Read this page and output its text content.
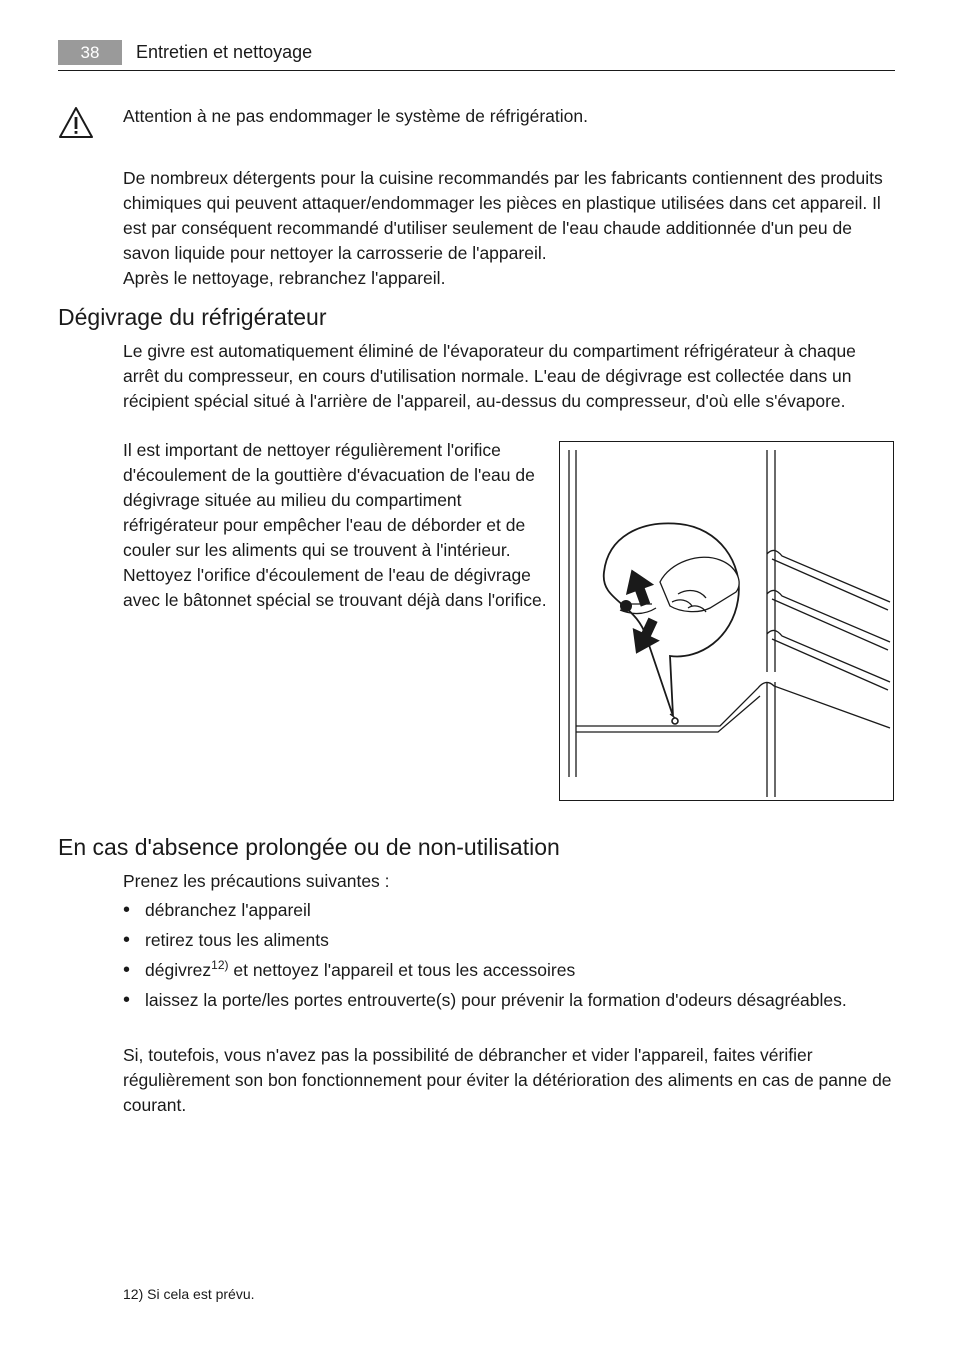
38	Entretien et nettoyage
Attention à ne pas endommager le système de réfrigération.

De nombreux détergents pour la cuisine recommandés par les fabricants contiennent des produits chimiques qui peuvent attaquer/endommager les pièces en plastique utilisées dans cet appareil. Il est par conséquent recommandé d'utiliser seulement de l'eau chaude additionnée d'un peu de savon liquide pour nettoyer la carrosserie de l'appareil.

Après le nettoyage, rebranchez l'appareil.

Dégivrage du réfrigérateur

Le givre est automatiquement éliminé de l'évaporateur du compartiment réfrigérateur à chaque arrêt du compresseur, en cours d'utilisation normale. L'eau de dégivrage est collectée dans un récipient spécial situé à l'arrière de l'appareil, au-dessus du compresseur, d'où elle s'évapore.

Il est important de nettoyer régulièrement l'orifice d'écoulement de la gouttière d'évacuation de l'eau de dégivrage située au milieu du compartiment réfrigérateur pour empêcher l'eau de déborder et de couler sur les aliments qui se trouvent à l'intérieur. Nettoyez l'orifice d'écoulement de l'eau de dégivrage avec le bâtonnet spécial se trouvant déjà dans l'orifice.

En cas d'absence prolongée ou de non-utilisation

Prenez les précautions suivantes :

• débranchez l'appareil
• retirez tous les aliments
• dégivrez$^{12)}$ et nettoyez l'appareil et tous les accessoires
• laissez la porte/les portes entrouverte(s) pour prévenir la formation d'odeurs désagréables.

Si, toutefois, vous n'avez pas la possibilité de débrancher et vider l'appareil, faites vérifier régulièrement son bon fonctionnement pour éviter la détérioration des aliments en cas de panne de courant.

12) Si cela est prévu.
